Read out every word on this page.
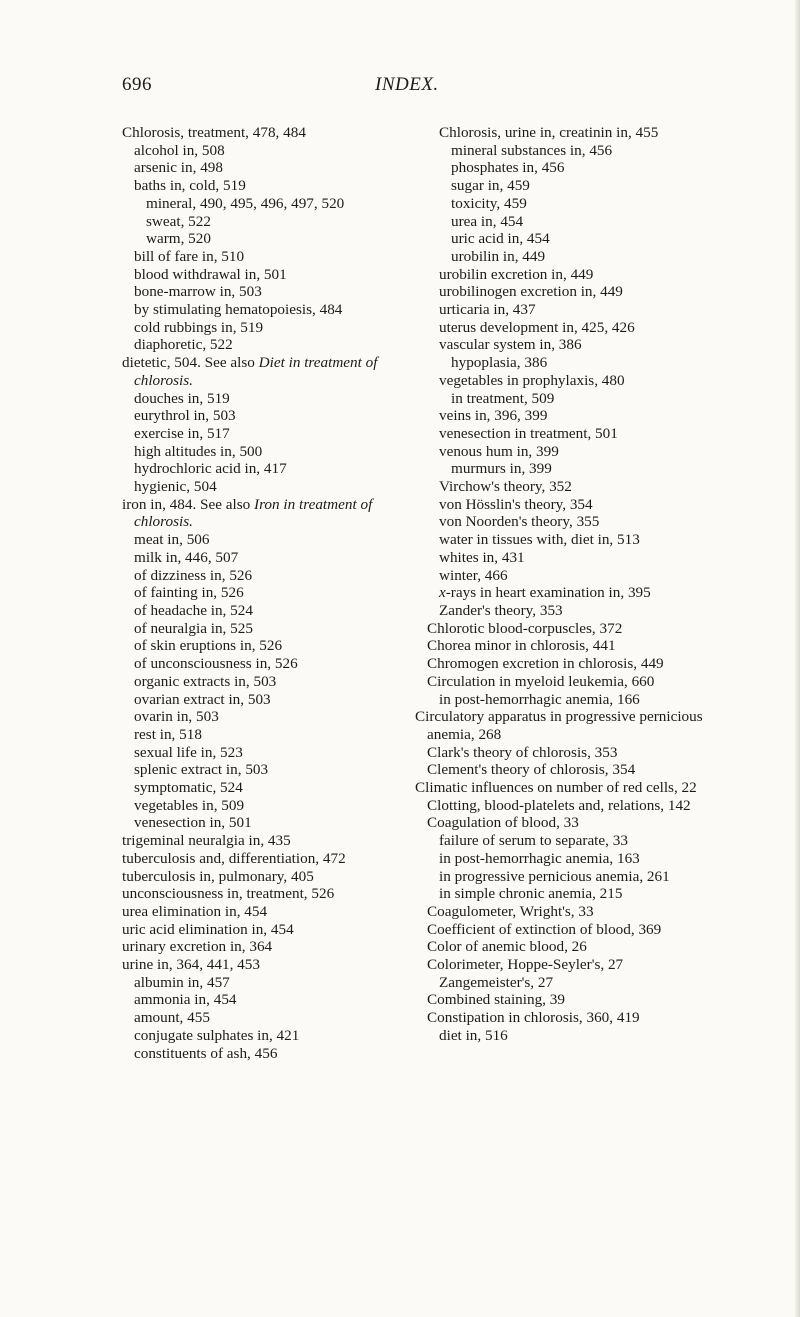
696	INDEX.
Chlorosis, treatment, 478, 484
alcohol in, 508
arsenic in, 498
baths in, cold, 519
mineral, 490, 495, 496, 497, 520
sweat, 522
warm, 520
bill of fare in, 510
blood withdrawal in, 501
bone-marrow in, 503
by stimulating hematopoiesis, 484
cold rubbings in, 519
diaphoretic, 522
dietetic, 504. See also Diet in treatment of chlorosis.
douches in, 519
eurythrol in, 503
exercise in, 517
high altitudes in, 500
hydrochloric acid in, 417
hygienic, 504
iron in, 484. See also Iron in treatment of chlorosis.
meat in, 506
milk in, 446, 507
of dizziness in, 526
of fainting in, 526
of headache in, 524
of neuralgia in, 525
of skin eruptions in, 526
of unconsciousness in, 526
organic extracts in, 503
ovarian extract in, 503
ovarin in, 503
rest in, 518
sexual life in, 523
splenic extract in, 503
symptomatic, 524
vegetables in, 509
venesection in, 501
trigeminal neuralgia in, 435
tuberculosis and, differentiation, 472
tuberculosis in, pulmonary, 405
unconsciousness in, treatment, 526
urea elimination in, 454
uric acid elimination in, 454
urinary excretion in, 364
urine in, 364, 441, 453
albumin in, 457
ammonia in, 454
amount, 455
conjugate sulphates in, 421
constituents of ash, 456
Chlorosis, urine in, creatinin in, 455
mineral substances in, 456
phosphates in, 456
sugar in, 459
toxicity, 459
urea in, 454
uric acid in, 454
urobilin in, 449
urobilin excretion in, 449
urobilinogen excretion in, 449
urticaria in, 437
uterus development in, 425, 426
vascular system in, 386
hypoplasia, 386
vegetables in prophylaxis, 480
in treatment, 509
veins in, 396, 399
venesection in treatment, 501
venous hum in, 399
murmurs in, 399
Virchow's theory, 352
von Hösslin's theory, 354
von Noorden's theory, 355
water in tissues with, diet in, 513
whites in, 431
winter, 466
x-rays in heart examination in, 395
Zander's theory, 353
Chlorotic blood-corpuscles, 372
Chorea minor in chlorosis, 441
Chromogen excretion in chlorosis, 449
Circulation in myeloid leukemia, 660
in post-hemorrhagic anemia, 166
Circulatory apparatus in progressive pernicious anemia, 268
Clark's theory of chlorosis, 353
Clement's theory of chlorosis, 354
Climatic influences on number of red cells, 22
Clotting, blood-platelets and, relations, 142
Coagulation of blood, 33
failure of serum to separate, 33
in post-hemorrhagic anemia, 163
in progressive pernicious anemia, 261
in simple chronic anemia, 215
Coagulometer, Wright's, 33
Coefficient of extinction of blood, 369
Color of anemic blood, 26
Colorimeter, Hoppe-Seyler's, 27
Zangemeister's, 27
Combined staining, 39
Constipation in chlorosis, 360, 419
diet in, 516
